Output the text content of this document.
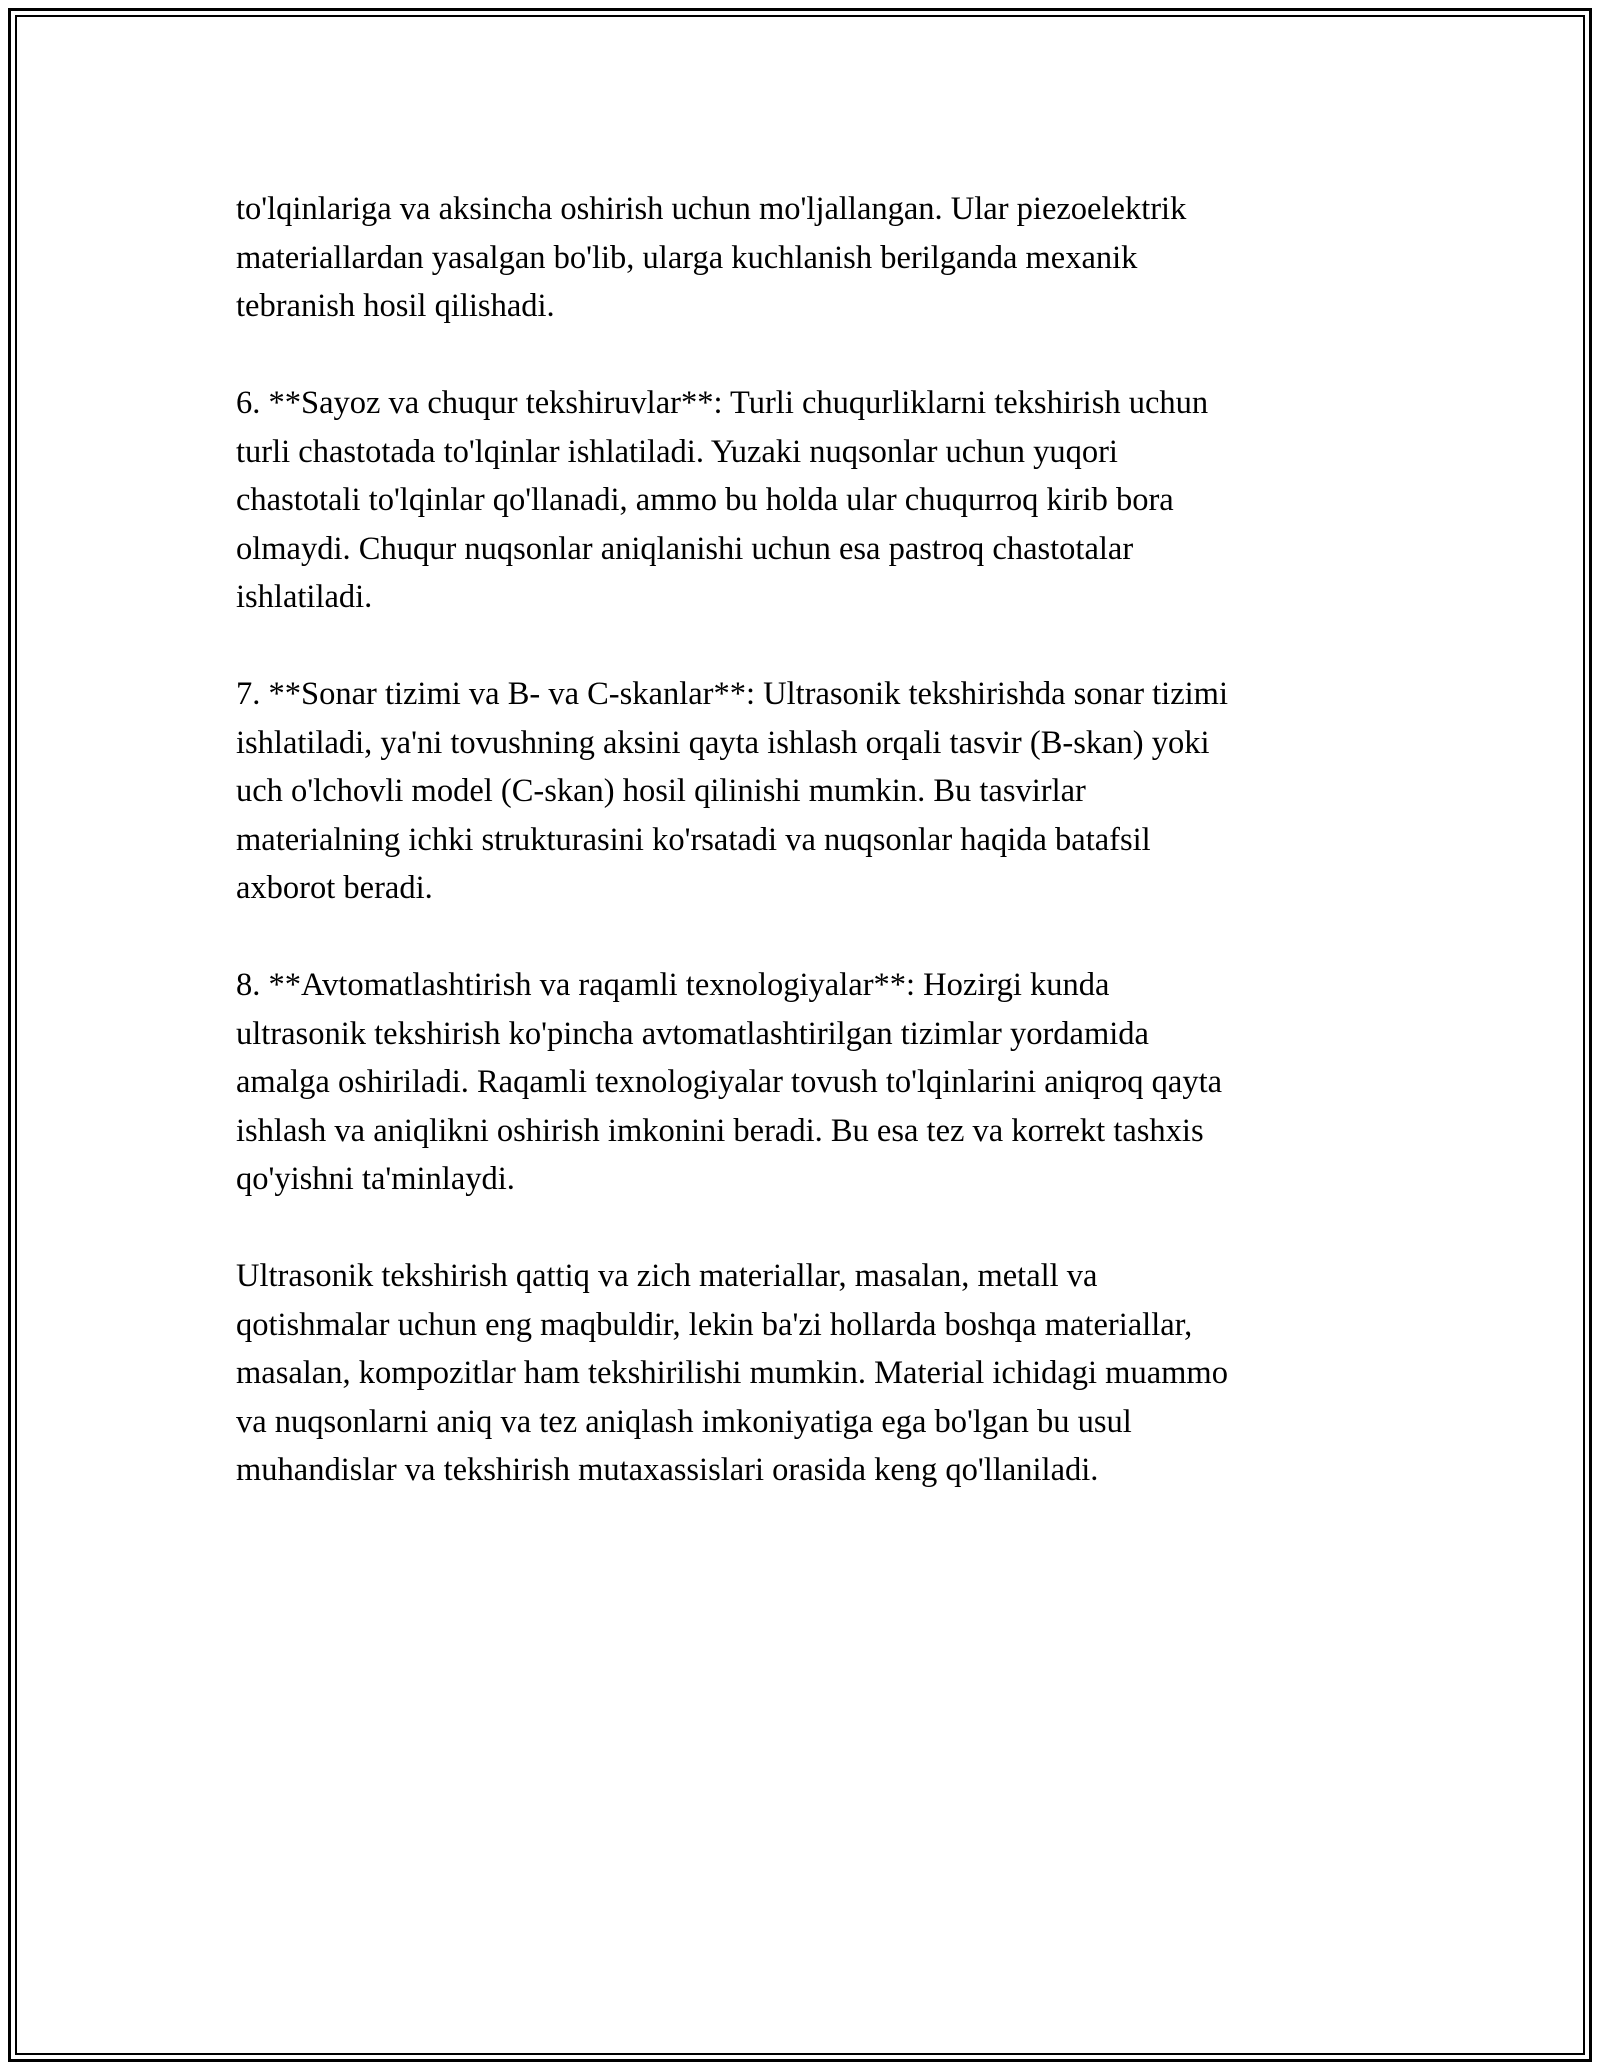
to'lqinlariga va aksincha oshirish uchun mo'ljallangan. Ular piezoelektrik
materiallardan yasalgan bo'lib, ularga kuchlanish berilganda mexanik
tebranish hosil qilishadi.

6. **Sayoz va chuqur tekshiruvlar**: Turli chuqurliklarni tekshirish uchun
turli chastotada to'lqinlar ishlatiladi. Yuzaki nuqsonlar uchun yuqori
chastotali to'lqinlar qo'llanadi, ammo bu holda ular chuqurroq kirib bora
olmaydi. Chuqur nuqsonlar aniqlanishi uchun esa pastroq chastotalar
ishlatiladi.

7. **Sonar tizimi va B- va C-skanlar**: Ultrasonik tekshirishda sonar tizimi
ishlatiladi, ya'ni tovushning aksini qayta ishlash orqali tasvir (B-skan) yoki
uch o'lchovli model (C-skan) hosil qilinishi mumkin. Bu tasvirlar
materialning ichki strukturasini ko'rsatadi va nuqsonlar haqida batafsil
axborot beradi.

8. **Avtomatlashtirish va raqamli texnologiyalar**: Hozirgi kunda
ultrasonik tekshirish ko'pincha avtomatlashtirilgan tizimlar yordamida
amalga oshiriladi. Raqamli texnologiyalar tovush to'lqinlarini aniqroq qayta
ishlash va aniqlikni oshirish imkonini beradi. Bu esa tez va korrekt tashxis
qo'yishni ta'minlaydi.

Ultrasonik tekshirish qattiq va zich materiallar, masalan, metall va
qotishmalar uchun eng maqbuldir, lekin ba'zi hollarda boshqa materiallar,
masalan, kompozitlar ham tekshirilishi mumkin. Material ichidagi muammo
va nuqsonlarni aniq va tez aniqlash imkoniyatiga ega bo'lgan bu usul
muhandislar va tekshirish mutaxassislari orasida keng qo'llaniladi.
